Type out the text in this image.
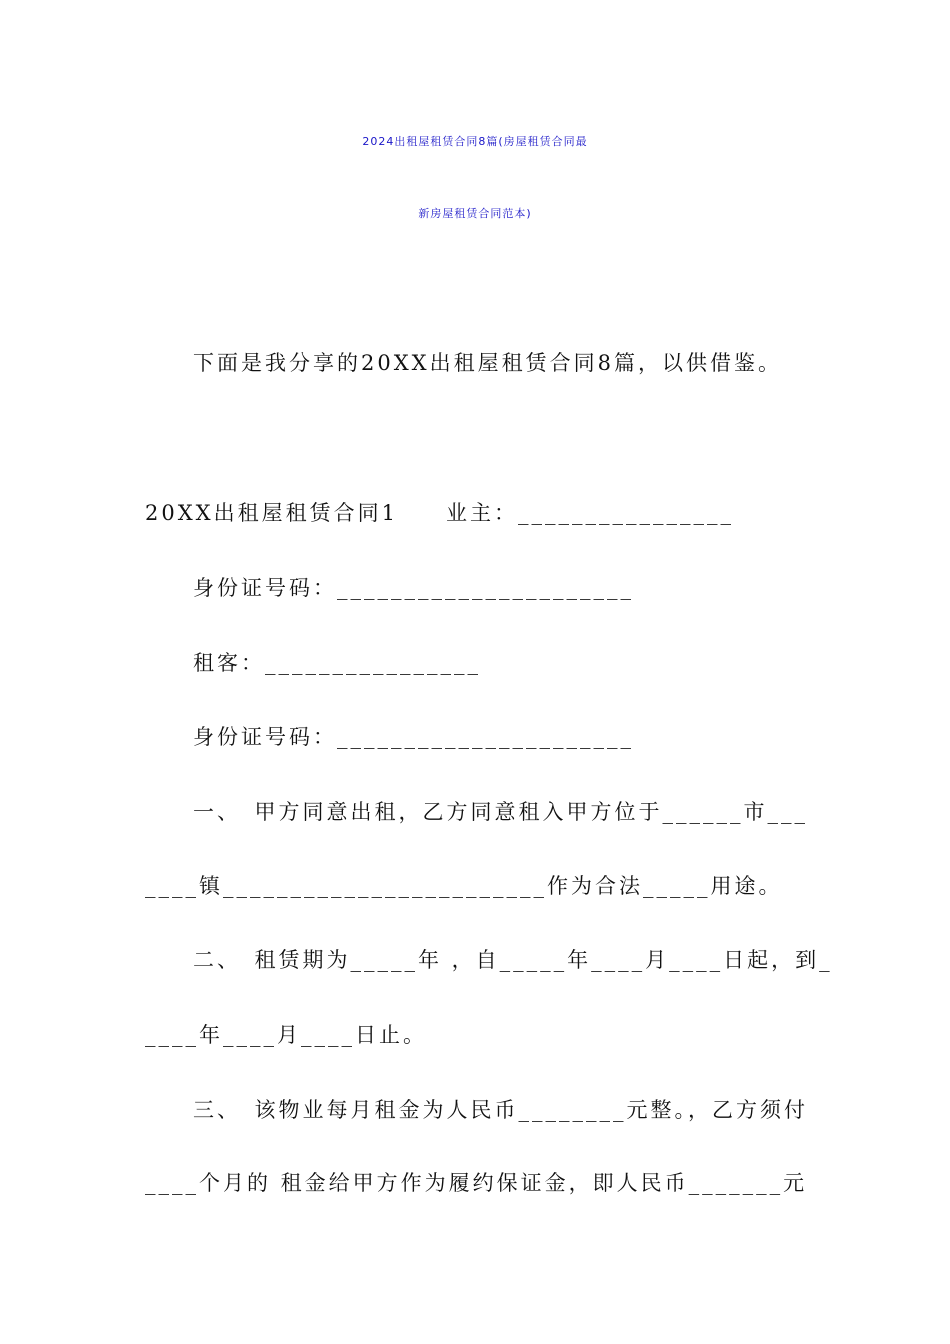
2024出租屋租赁合同8篇(房屋租赁合同最
新房屋租赁合同范本)
下面是我分享的20XX出租屋租赁合同8篇，以供借鉴。
20XX出租屋租赁合同1　　业主：________________
身份证号码：______________________
租客：________________
身份证号码：______________________
一、　甲方同意出租，乙方同意租入甲方位于______市___
____镇________________________作为合法_____用途。
二、　租赁期为_____年 ，自_____年____月____日起，到_
____年____月____日止。
三、　该物业每月租金为人民币________元整。，乙方须付
____个月的 租金给甲方作为履约保证金，即人民币_______元
